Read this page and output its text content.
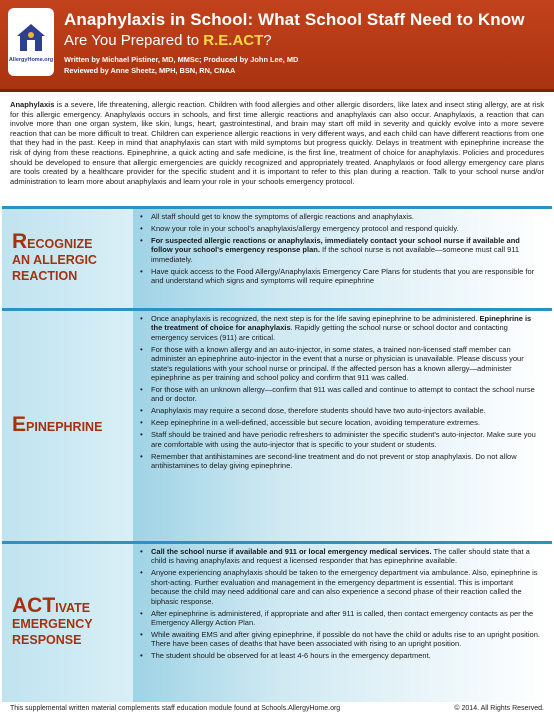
AllergyHome.org
Anaphylaxis in School: What School Staff Need to Know
Are You Prepared to R.E.ACT?
Written by Michael Pistiner, MD, MMSc; Produced by John Lee, MD
Reviewed by Anne Sheetz, MPH, BSN, RN, CNAA
Anaphylaxis is a severe, life threatening, allergic reaction. Children with food allergies and other allergic disorders, like latex and insect sting allergy, are at risk for this allergic emergency. Anaphylaxis occurs in schools, and first time allergic reactions and anaphylaxis can also occur. Anaphylaxis, a reaction that can involve more than one organ system, like skin, lungs, heart, gastrointestinal, and brain may start off mild in severity and quickly evolve into a more severe reaction that can be more difficult to treat. Children can experience allergic reactions in very different ways, and each child can have different reactions from one that they had in the past. Keep in mind that anaphylaxis can start with mild symptoms but progress quickly. Delays in treatment with epinephrine increase the risk of dying from these reactions. Epinephrine, a quick acting and safe medicine, is the first line, treatment of choice for anaphylaxis. Policies and procedures should be developed to ensure that allergic emergencies are quickly recognized and appropriately treated. Anaphylaxis or food allergy emergency care plans are tools created by a healthcare provider for the specific student and it is important to refer to this plan during a reaction. Talk to your school nurse and/or administration to learn more about anaphylaxis and learn your role in your schools emergency protocol.
RECOGNIZE
AN ALLERGIC
REACTION
• All staff should get to know the symptoms of allergic reactions and anaphylaxis.
• Know your role in your school's anaphylaxis/allergy emergency protocol and respond quickly.
• For suspected allergic reactions or anaphylaxis, immediately contact your school nurse if available and follow your school's emergency response plan. If the school nurse is not available—someone must call 911 immediately.
• Have quick access to the Food Allergy/Anaphylaxis Emergency Care Plans for students that you are responsible for and understand which signs and symptoms will require epinephrine
EPINEPHRINE
• Once anaphylaxis is recognized, the next step is for the life saving epinephrine to be administered. Epinephrine is the treatment of choice for anaphylaxis. Rapidly getting the school nurse or school doctor and contacting emergency services (911) are critical.
• For those with a known allergy and an auto-injector, in some states, a trained non-licensed staff member can administer an epinephrine auto-injector in the event that a nurse or physician is unavailable. Please discuss your state's regulations with your school nurse or principal. If the affected person has a known allergy—administer epinephrine as per training and school policy and confirm that 911 was called.
• For those with an unknown allergy—confirm that 911 was called and continue to attempt to contact the school nurse and or doctor.
• Anaphylaxis may require a second dose, therefore students should have two auto-injectors available.
• Keep epinephrine in a well-defined, accessible but secure location, avoiding temperature extremes.
• Staff should be trained and have periodic refreshers to administer the specific student's auto-injector. Make sure you are comfortable with using the auto-injector that is specific to your student or students.
• Remember that antihistamines are second-line treatment and do not prevent or stop anaphylaxis. Do not allow antihistamines to delay giving epinephrine.
ACTIVATE
EMERGENCY
RESPONSE
• Call the school nurse if available and 911 or local emergency medical services. The caller should state that a child is having anaphylaxis and request a licensed responder that has epinephrine available.
• Anyone experiencing anaphylaxis should be taken to the emergency department via ambulance. Also, epinephrine is short-acting. Further evaluation and management in the emergency department is essential. This is important because the child may need additional care and can also experience a second phase of their reaction called the biphasic response.
• After epinephrine is administered, if appropriate and after 911 is called, then contact emergency contacts as per the Emergency Allergy Action Plan.
• While awaiting EMS and after giving epinephrine, if possible do not have the child or adults rise to an upright position. There have been cases of deaths that have been associated with rising to an upright position.
• The student should be observed for at least 4-6 hours in the emergency department.
This supplemental written material complements staff education module found at Schools.AllergyHome.org	© 2014. All Rights Reserved.
